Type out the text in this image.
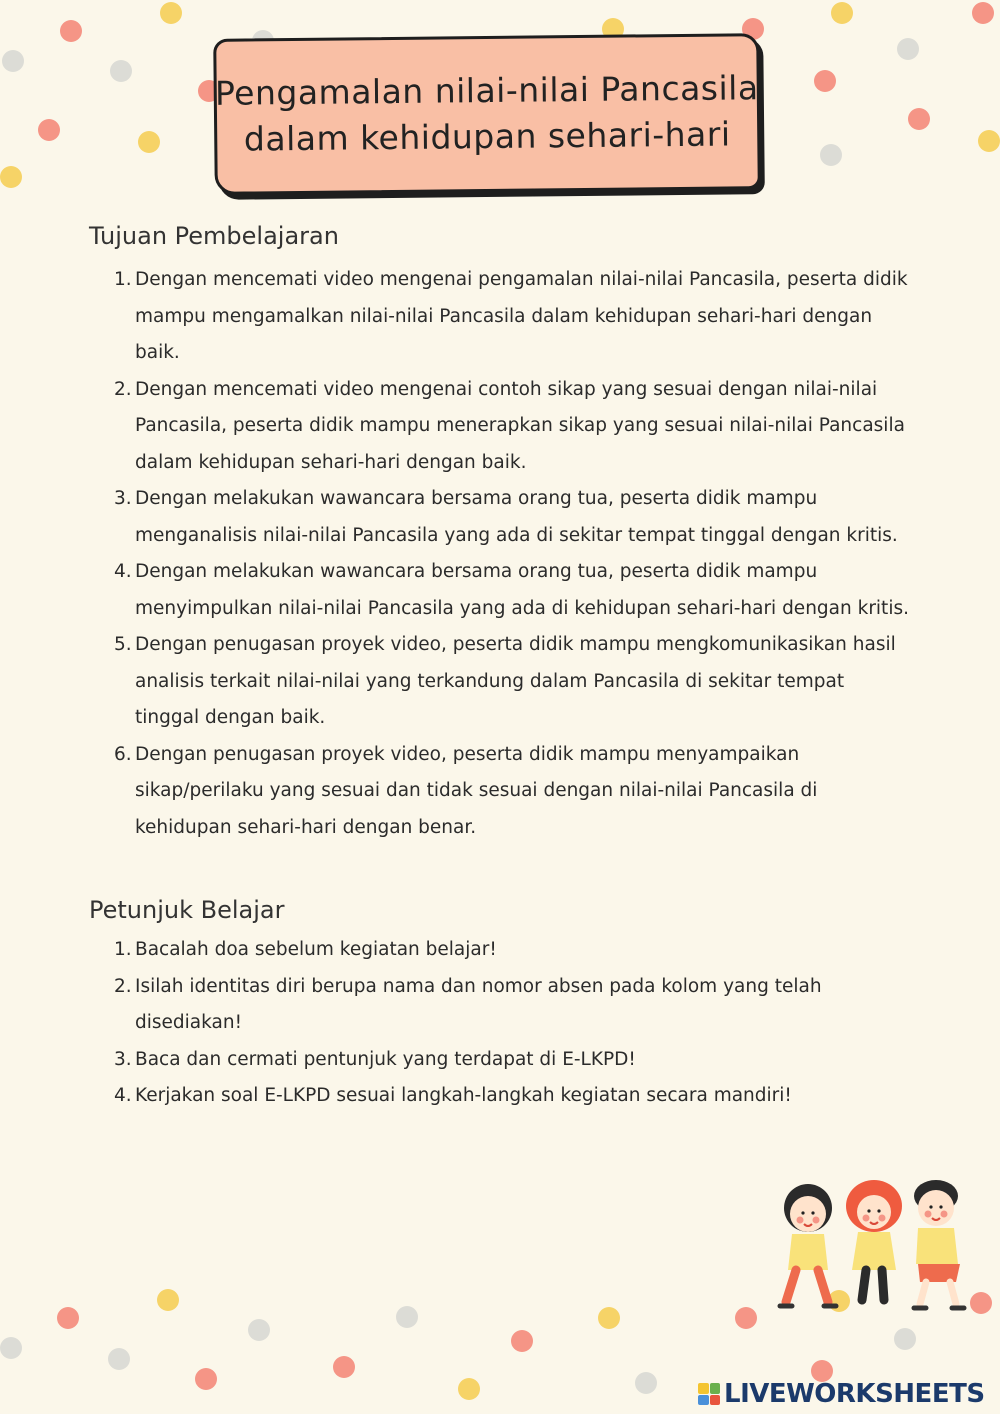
Pengamalan nilai-nilai Pancasila
dalam kehidupan sehari-hari
Tujuan Pembelajaran
1. Dengan mencemati video mengenai pengamalan nilai-nilai Pancasila, peserta didik mampu mengamalkan nilai-nilai Pancasila dalam kehidupan sehari-hari dengan baik.
2. Dengan mencemati video mengenai contoh sikap yang sesuai dengan nilai-nilai Pancasila, peserta didik mampu menerapkan sikap yang sesuai nilai-nilai Pancasila dalam kehidupan sehari-hari dengan baik.
3. Dengan melakukan wawancara bersama orang tua, peserta didik mampu menganalisis nilai-nilai Pancasila yang ada di sekitar tempat tinggal dengan kritis.
4. Dengan melakukan wawancara bersama orang tua, peserta didik mampu menyimpulkan nilai-nilai Pancasila yang ada di kehidupan sehari-hari dengan kritis.
5. Dengan penugasan proyek video, peserta didik mampu mengkomunikasikan hasil analisis terkait nilai-nilai yang terkandung dalam Pancasila di sekitar tempat tinggal dengan baik.
6. Dengan penugasan proyek video, peserta didik mampu menyampaikan sikap/perilaku yang sesuai dan tidak sesuai dengan nilai-nilai Pancasila di kehidupan sehari-hari dengan benar.
Petunjuk Belajar
1. Bacalah doa sebelum kegiatan belajar!
2. Isilah identitas diri berupa nama dan nomor absen pada kolom yang telah disediakan!
3. Baca dan cermati pentunjuk yang terdapat di E-LKPD!
4. Kerjakan soal E-LKPD sesuai langkah-langkah kegiatan secara mandiri!
LIVEWORKSHEETS
